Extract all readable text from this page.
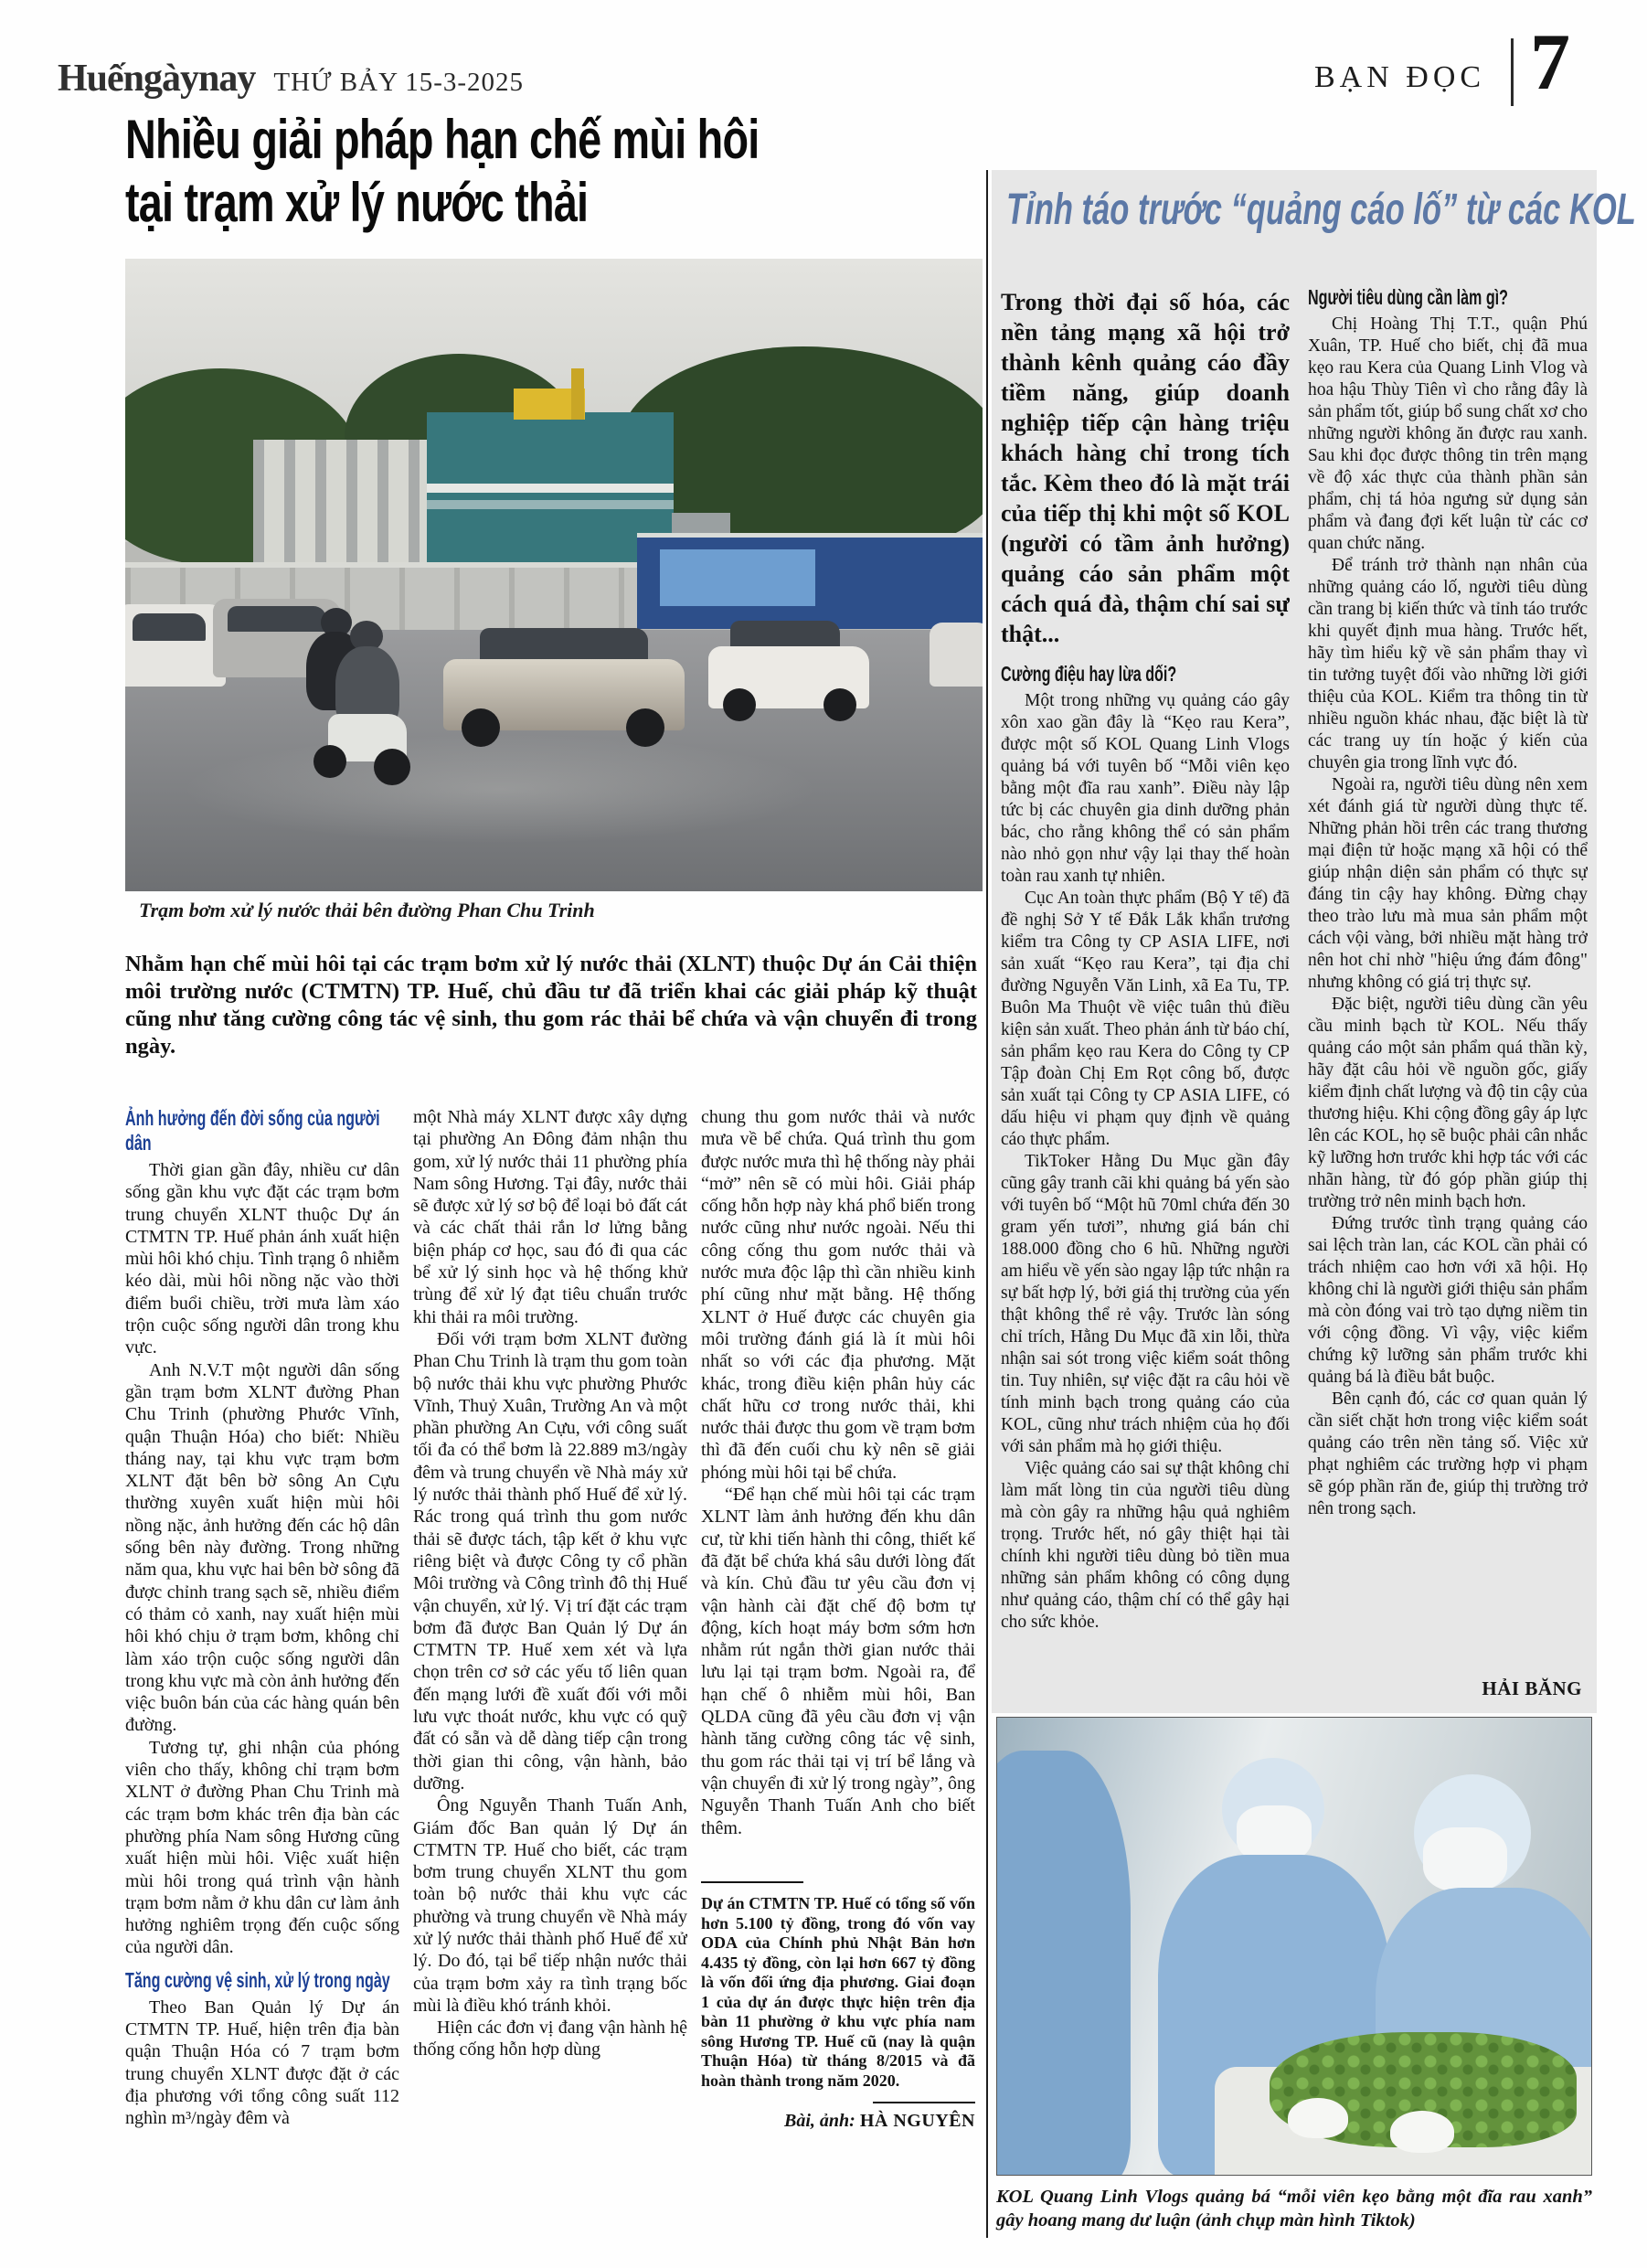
Huếngàynay THỨ BẢY 15-3-2025	BẠN ĐỌC 7
Nhiều giải pháp hạn chế mùi hôi
tại trạm xử lý nước thải
Trạm bơm xử lý nước thải bên đường Phan Chu Trinh
Nhằm hạn chế mùi hôi tại các trạm bơm xử lý nước thải (XLNT) thuộc Dự án Cải thiện môi trường nước (CTMTN) TP. Huế, chủ đầu tư đã triển khai các giải pháp kỹ thuật cũng như tăng cường công tác vệ sinh, thu gom rác thải bể chứa và vận chuyển đi trong ngày.
Ảnh hưởng đến đời sống của người dân

Thời gian gần đây, nhiều cư dân sống gần khu vực đặt các trạm bơm trung chuyển XLNT thuộc Dự án CTMTN TP. Huế phản ánh xuất hiện mùi hôi khó chịu. Tình trạng ô nhiễm kéo dài, mùi hôi nồng nặc vào thời điểm buổi chiều, trời mưa làm xáo trộn cuộc sống người dân trong khu vực.

Anh N.V.T một người dân sống gần trạm bơm XLNT đường Phan Chu Trinh (phường Phước Vĩnh, quận Thuận Hóa) cho biết: Nhiều tháng nay, tại khu vực trạm bơm XLNT đặt bên bờ sông An Cựu thường xuyên xuất hiện mùi hôi nồng nặc, ảnh hưởng đến các hộ dân sống bên này đường. Trong những năm qua, khu vực hai bên bờ sông đã được chỉnh trang sạch sẽ, nhiều điểm có thảm cỏ xanh, nay xuất hiện mùi hôi khó chịu ở trạm bơm, không chỉ làm xáo trộn cuộc sống người dân trong khu vực mà còn ảnh hưởng đến việc buôn bán của các hàng quán bên đường.

Tương tự, ghi nhận của phóng viên cho thấy, không chỉ trạm bơm XLNT ở đường Phan Chu Trinh mà các trạm bơm khác trên địa bàn các phường phía Nam sông Hương cũng xuất hiện mùi hôi. Việc xuất hiện mùi hôi trong quá trình vận hành trạm bơm nằm ở khu dân cư làm ảnh hưởng nghiêm trọng đến cuộc sống của người dân.

Tăng cường vệ sinh, xử lý trong ngày

Theo Ban Quản lý Dự án CTMTN TP. Huế, hiện trên địa bàn quận Thuận Hóa có 7 trạm bơm trung chuyển XLNT được đặt ở các địa phương với tổng công suất 112 nghìn m³/ngày đêm và

một Nhà máy XLNT được xây dựng tại phường An Đông đảm nhận thu gom, xử lý nước thải 11 phường phía Nam sông Hương. Tại đây, nước thải sẽ được xử lý sơ bộ để loại bỏ đất cát và các chất thải rắn lơ lửng bằng biện pháp cơ học, sau đó đi qua các bể xử lý sinh học và hệ thống khử trùng để xử lý đạt tiêu chuẩn trước khi thải ra môi trường.

Đối với trạm bơm XLNT đường Phan Chu Trinh là trạm thu gom toàn bộ nước thải khu vực phường Phước Vĩnh, Thuỷ Xuân, Trường An và một phần phường An Cựu, với công suất tối đa có thể bơm là 22.889 m3/ngày đêm và trung chuyển về Nhà máy xử lý nước thải thành phố Huế để xử lý. Rác trong quá trình thu gom nước thải sẽ được tách, tập kết ở khu vực riêng biệt và được Công ty cổ phần Môi trường và Công trình đô thị Huế vận chuyển, xử lý. Vị trí đặt các trạm bơm đã được Ban Quản lý Dự án CTMTN TP. Huế xem xét và lựa chọn trên cơ sở các yếu tố liên quan đến mạng lưới đề xuất đối với mỗi lưu vực thoát nước, khu vực có quỹ đất có sẵn và dễ dàng tiếp cận trong thời gian thi công, vận hành, bảo dưỡng.

Ông Nguyễn Thanh Tuấn Anh, Giám đốc Ban quản lý Dự án CTMTN TP. Huế cho biết, các trạm bơm trung chuyển XLNT thu gom toàn bộ nước thải khu vực các phường và trung chuyển về Nhà máy xử lý nước thải thành phố Huế để xử lý. Do đó, tại bể tiếp nhận nước thải của trạm bơm xảy ra tình trạng bốc mùi là điều khó tránh khỏi.

Hiện các đơn vị đang vận hành hệ thống cống hỗn hợp dùng

chung thu gom nước thải và nước mưa về bể chứa. Quá trình thu gom được nước mưa thì hệ thống này phải “mở” nên sẽ có mùi hôi. Giải pháp cống hỗn hợp này khá phổ biến trong nước cũng như nước ngoài. Nếu thi công cống thu gom nước thải và nước mưa độc lập thì cần nhiều kinh phí cũng như mặt bằng. Hệ thống XLNT ở Huế được các chuyên gia môi trường đánh giá là ít mùi hôi nhất so với các địa phương. Mặt khác, trong điều kiện phân hủy các chất hữu cơ trong nước thải, khi nước thải được thu gom về trạm bơm thì đã đến cuối chu kỳ nên sẽ giải phóng mùi hôi tại bể chứa.

“Để hạn chế mùi hôi tại các trạm XLNT làm ảnh hưởng đến khu dân cư, từ khi tiến hành thi công, thiết kế đã đặt bể chứa khá sâu dưới lòng đất và kín. Chủ đầu tư yêu cầu đơn vị vận hành cài đặt chế độ bơm tự động, kích hoạt máy bơm sớm hơn nhằm rút ngắn thời gian nước thải lưu lại tại trạm bơm. Ngoài ra, để hạn chế ô nhiễm mùi hôi, Ban QLDA cũng đã yêu cầu đơn vị vận hành tăng cường công tác vệ sinh, thu gom rác thải tại vị trí bể lắng và vận chuyển đi xử lý trong ngày”, ông Nguyễn Thanh Tuấn Anh cho biết thêm.

Dự án CTMTN TP. Huế có tổng số vốn hơn 5.100 tỷ đồng, trong đó vốn vay ODA của Chính phủ Nhật Bản hơn 4.435 tỷ đồng, còn lại hơn 667 tỷ đồng là vốn đối ứng địa phương. Giai đoạn 1 của dự án được thực hiện trên địa bàn 11 phường ở khu vực phía nam sông Hương TP. Huế cũ (nay là quận Thuận Hóa) từ tháng 8/2015 và đã hoàn thành trong năm 2020.

Bài, ảnh: HÀ NGUYÊN

Tỉnh táo trước “quảng cáo lố” từ các KOL

Trong thời đại số hóa, các nền tảng mạng xã hội trở thành kênh quảng cáo đầy tiềm năng, giúp doanh nghiệp tiếp cận hàng triệu khách hàng chỉ trong tích tắc. Kèm theo đó là mặt trái của tiếp thị khi một số KOL (người có tầm ảnh hưởng) quảng cáo sản phẩm một cách quá đà, thậm chí sai sự thật...

Cường điệu hay lừa dối?

Một trong những vụ quảng cáo gây xôn xao gần đây là “Kẹo rau Kera”, được một số KOL Quang Linh Vlogs quảng bá với tuyên bố “Mỗi viên kẹo bằng một đĩa rau xanh”. Điều này lập tức bị các chuyên gia dinh dưỡng phản bác, cho rằng không thể có sản phẩm nào nhỏ gọn như vậy lại thay thế hoàn toàn rau xanh tự nhiên.

Cục An toàn thực phẩm (Bộ Y tế) đã đề nghị Sở Y tế Đắk Lắk khẩn trương kiểm tra Công ty CP ASIA LIFE, nơi sản xuất “Kẹo rau Kera”, tại địa chỉ đường Nguyễn Văn Linh, xã Ea Tu, TP. Buôn Ma Thuột về việc tuân thủ điều kiện sản xuất. Theo phản ánh từ báo chí, sản phẩm kẹo rau Kera do Công ty CP Tập đoàn Chị Em Rọt công bố, được sản xuất tại Công ty CP ASIA LIFE, có dấu hiệu vi phạm quy định về quảng cáo thực phẩm.

TikToker Hằng Du Mục gần đây cũng gây tranh cãi khi quảng bá yến sào với tuyên bố “Một hũ 70ml chứa đến 30 gram yến tươi”, nhưng giá bán chỉ 188.000 đồng cho 6 hũ. Những người am hiểu về yến sào ngay lập tức nhận ra sự bất hợp lý, bởi giá thị trường của yến thật không thể rẻ vậy. Trước làn sóng chỉ trích, Hằng Du Mục đã xin lỗi, thừa nhận sai sót trong việc kiểm soát thông tin. Tuy nhiên, sự việc đặt ra câu hỏi về tính minh bạch trong quảng cáo của KOL, cũng như trách nhiệm của họ đối với sản phẩm mà họ giới thiệu.

Việc quảng cáo sai sự thật không chỉ làm mất lòng tin của người tiêu dùng mà còn gây ra những hậu quả nghiêm trọng. Trước hết, nó gây thiệt hại tài chính khi người tiêu dùng bỏ tiền mua những sản phẩm không có công dụng như quảng cáo, thậm chí có thể gây hại cho sức khỏe.

Người tiêu dùng cần làm gì?

Chị Hoàng Thị T.T., quận Phú Xuân, TP. Huế cho biết, chị đã mua kẹo rau Kera của Quang Linh Vlog và hoa hậu Thùy Tiên vì cho rằng đây là sản phẩm tốt, giúp bổ sung chất xơ cho những người không ăn được rau xanh. Sau khi đọc được thông tin trên mạng về độ xác thực của thành phần sản phẩm, chị tá hỏa ngưng sử dụng sản phẩm và đang đợi kết luận từ các cơ quan chức năng.

Để tránh trở thành nạn nhân của những quảng cáo lố, người tiêu dùng cần trang bị kiến thức và tỉnh táo trước khi quyết định mua hàng. Trước hết, hãy tìm hiểu kỹ về sản phẩm thay vì tin tưởng tuyệt đối vào những lời giới thiệu của KOL. Kiểm tra thông tin từ nhiều nguồn khác nhau, đặc biệt là từ các trang uy tín hoặc ý kiến của chuyên gia trong lĩnh vực đó.

Ngoài ra, người tiêu dùng nên xem xét đánh giá từ người dùng thực tế. Những phản hồi trên các trang thương mại điện tử hoặc mạng xã hội có thể giúp nhận diện sản phẩm có thực sự đáng tin cậy hay không. Đừng chạy theo trào lưu mà mua sản phẩm một cách vội vàng, bởi nhiều mặt hàng trở nên hot chỉ nhờ "hiệu ứng đám đông" nhưng không có giá trị thực sự.

Đặc biệt, người tiêu dùng cần yêu cầu minh bạch từ KOL. Nếu thấy quảng cáo một sản phẩm quá thần kỳ, hãy đặt câu hỏi về nguồn gốc, giấy kiểm định chất lượng và độ tin cậy của thương hiệu. Khi cộng đồng gây áp lực lên các KOL, họ sẽ buộc phải cân nhắc kỹ lưỡng hơn trước khi hợp tác với các nhãn hàng, từ đó góp phần giúp thị trường trở nên minh bạch hơn.

Đứng trước tình trạng quảng cáo sai lệch tràn lan, các KOL cần phải có trách nhiệm cao hơn với xã hội. Họ không chỉ là người giới thiệu sản phẩm mà còn đóng vai trò tạo dựng niềm tin với cộng đồng. Vì vậy, việc kiểm chứng kỹ lưỡng sản phẩm trước khi quảng bá là điều bắt buộc.

Bên cạnh đó, các cơ quan quản lý cần siết chặt hơn trong việc kiểm soát quảng cáo trên nền tảng số. Việc xử phạt nghiêm các trường hợp vi phạm sẽ góp phần răn đe, giúp thị trường trở nên trong sạch.

HẢI BĂNG
KOL Quang Linh Vlogs quảng bá “mỗi viên kẹo bằng một đĩa rau xanh” gây hoang mang dư luận (ảnh chụp màn hình Tiktok)
